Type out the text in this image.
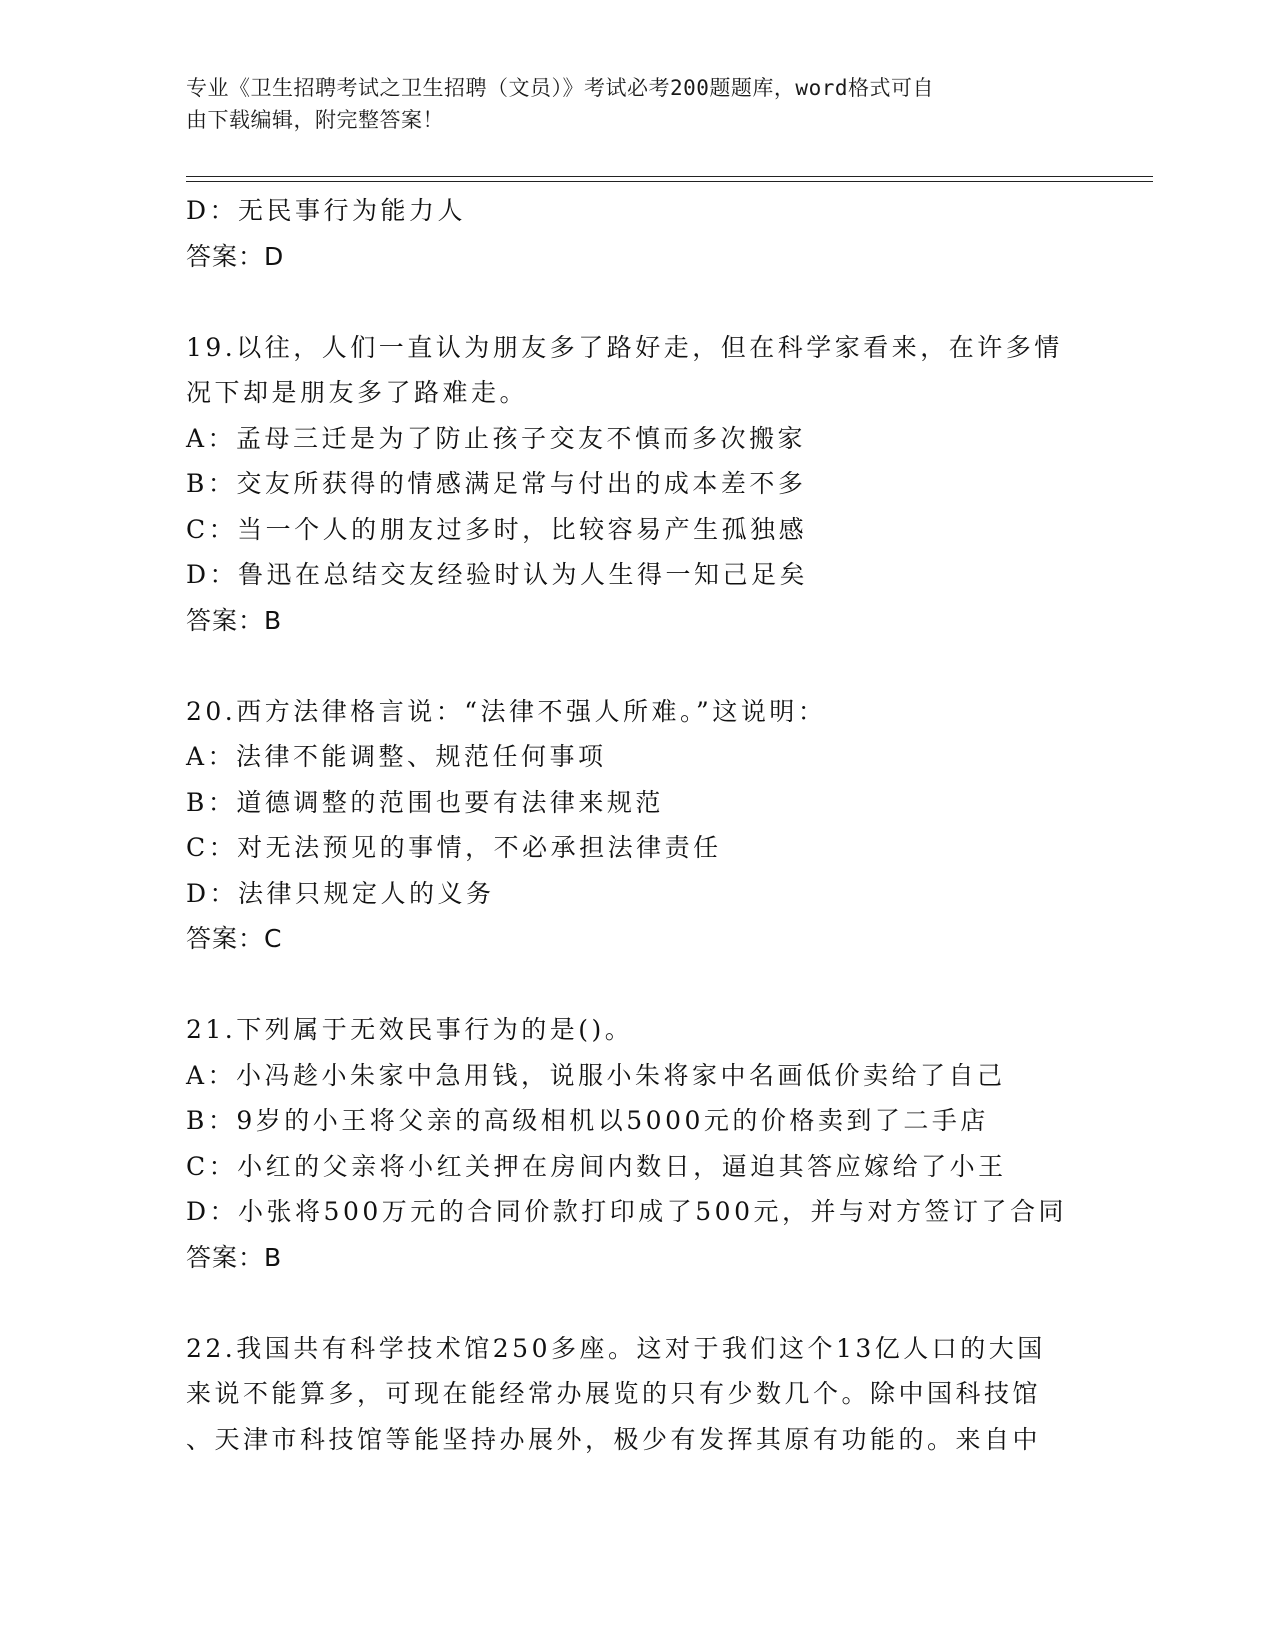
专业《卫生招聘考试之卫生招聘（文员）》考试必考200题题库，word格式可自
由下载编辑，附完整答案！
D：无民事行为能力人
答案：D
19.以往，人们一直认为朋友多了路好走，但在科学家看来，在许多情
况下却是朋友多了路难走。
A：孟母三迁是为了防止孩子交友不慎而多次搬家
B：交友所获得的情感满足常与付出的成本差不多
C：当一个人的朋友过多时，比较容易产生孤独感
D：鲁迅在总结交友经验时认为人生得一知己足矣
答案：B
20.西方法律格言说：“法律不强人所难。”这说明：
A：法律不能调整、规范任何事项
B：道德调整的范围也要有法律来规范
C：对无法预见的事情，不必承担法律责任
D：法律只规定人的义务
答案：C
21.下列属于无效民事行为的是()。
A：小冯趁小朱家中急用钱，说服小朱将家中名画低价卖给了自己
B：9岁的小王将父亲的高级相机以5000元的价格卖到了二手店
C：小红的父亲将小红关押在房间内数日，逼迫其答应嫁给了小王
D：小张将500万元的合同价款打印成了500元，并与对方签订了合同
答案：B
22.我国共有科学技术馆250多座。这对于我们这个13亿人口的大国
来说不能算多，可现在能经常办展览的只有少数几个。除中国科技馆
、天津市科技馆等能坚持办展外，极少有发挥其原有功能的。来自中
